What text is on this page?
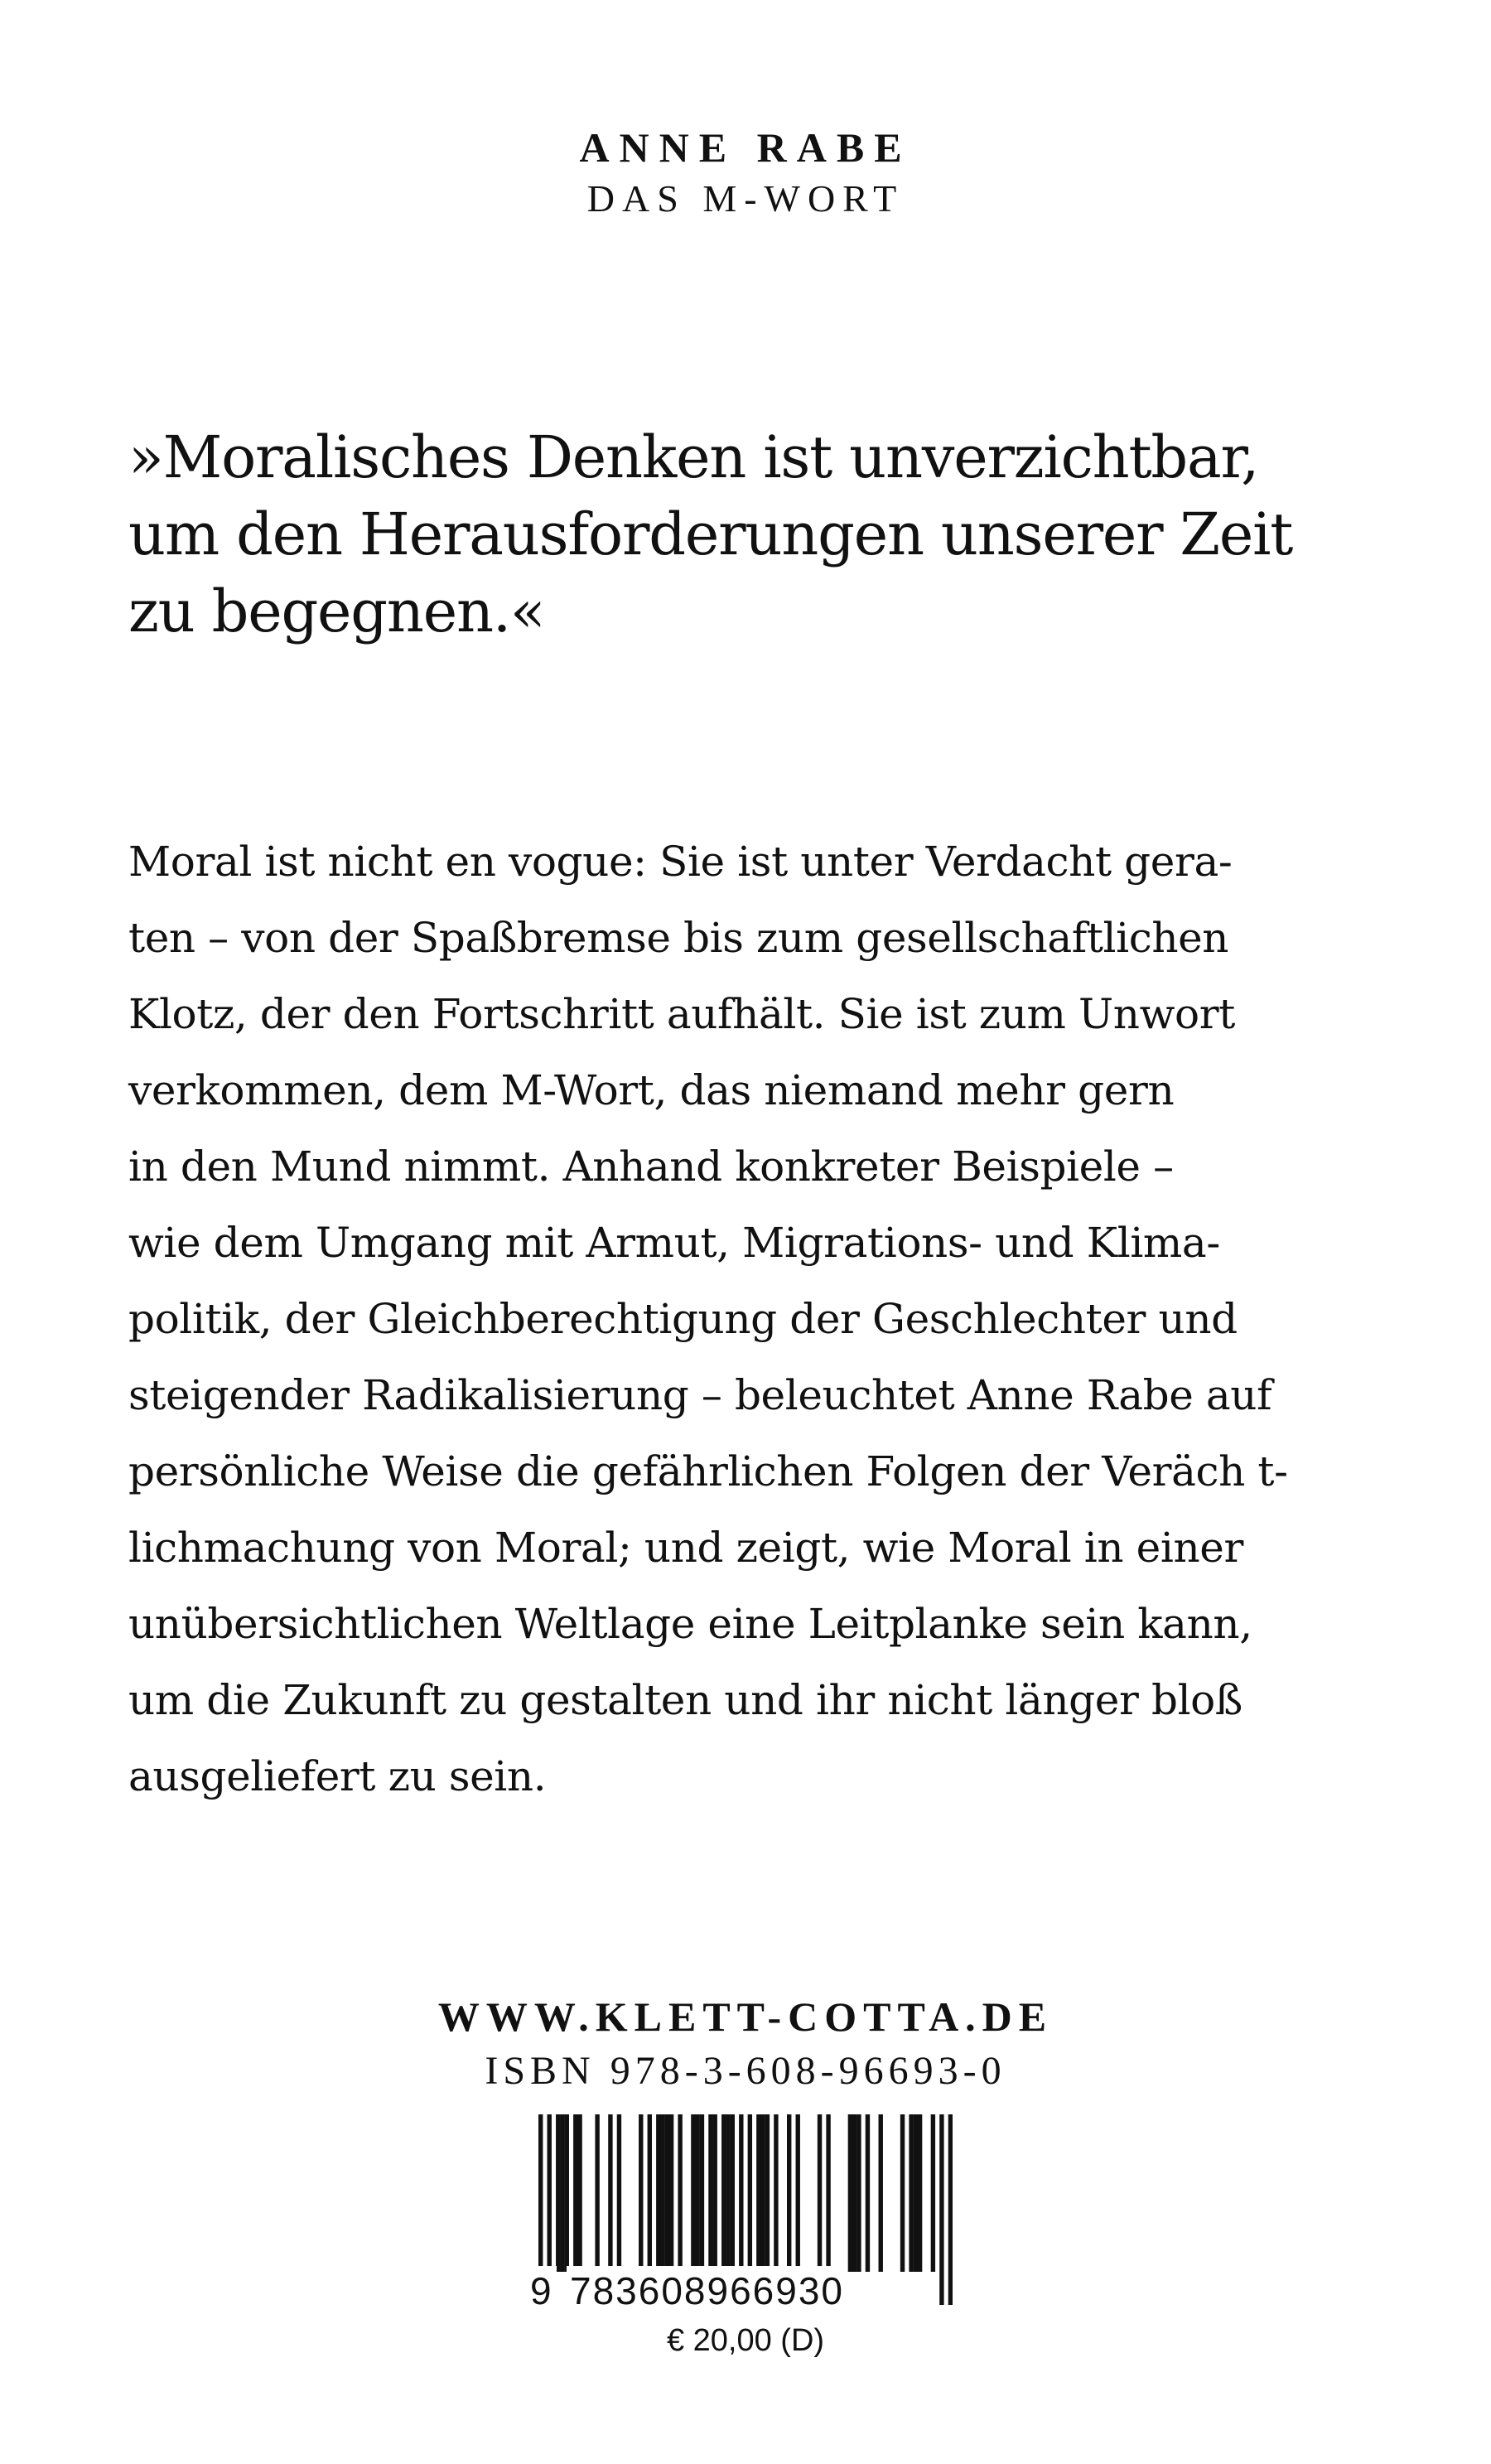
ANNE RABE
DAS M-WORT
»Moralisches Denken ist unverzichtbar,
um den Herausforderungen unserer Zeit
zu begegnen.«
Moral ist nicht en vogue: Sie ist unter Verdacht gera-
ten – von der Spaßbremse bis zum gesellschaftlichen
Klotz, der den Fortschritt aufhält. Sie ist zum Unwort
verkommen, dem M-Wort, das niemand mehr gern
in den Mund nimmt. Anhand konkreter Beispiele –
wie dem Umgang mit Armut, Migrations- und Klima-
politik, der Gleichberechtigung der Geschlechter und
steigender Radikalisierung – beleuchtet Anne Rabe auf
persönliche Weise die gefährlichen Folgen der Veräch t-
lichmachung von Moral; und zeigt, wie Moral in einer
unübersichtlichen Weltlage eine Leitplanke sein kann,
um die Zukunft zu gestalten und ihr nicht länger bloß
ausgeliefert zu sein.
WWW.KLETT-COTTA.DE
ISBN 978-3-608-96693-0
9 783608966930
€ 20,00 (D)
